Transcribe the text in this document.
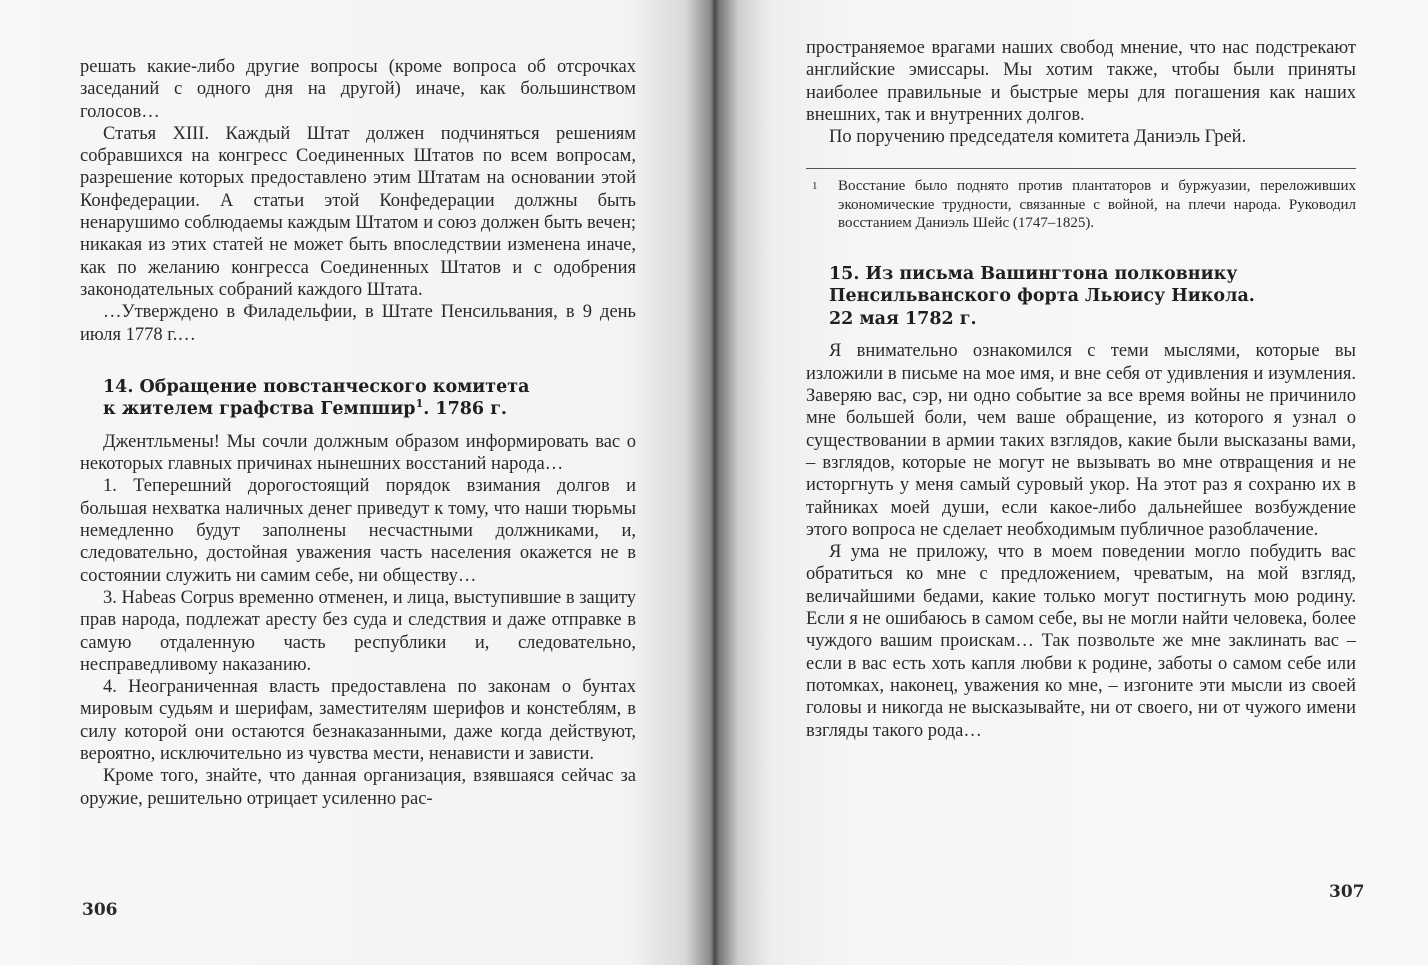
решать какие-либо другие вопросы (кроме вопроса об отсрочках заседаний с одного дня на другой) иначе, как большинством голосов…

Статья XIII. Каждый Штат должен подчиняться решениям собравшихся на конгресс Соединенных Штатов по всем вопросам, разрешение которых предоставлено этим Штатам на основании этой Конфедерации. А статьи этой Конфедерации должны быть ненарушимо соблюдаемы каждым Штатом и союз должен быть вечен; никакая из этих статей не может быть впоследствии изменена иначе, как по желанию конгресса Соединенных Штатов и с одобрения законодательных собраний каждого Штата.

…Утверждено в Филадельфии, в Штате Пенсильвания, в 9 день июля 1778 г.…

14. Обращение повстанческого комитета
к жителем графства Гемпшир$^1$. 1786 г.

Джентльмены! Мы сочли должным образом информировать вас о некоторых главных причинах нынешних восстаний народа…

1. Теперешний дорогостоящий порядок взимания долгов и большая нехватка наличных денег приведут к тому, что наши тюрьмы немедленно будут заполнены несчастными должниками, и, следовательно, достойная уважения часть населения окажется не в состоянии служить ни самим себе, ни обществу…

3. Habeas Corpus временно отменен, и лица, выступившие в защиту прав народа, подлежат аресту без суда и следствия и даже отправке в самую отдаленную часть республики и, следовательно, несправедливому наказанию.

4. Неограниченная власть предоставлена по законам о бунтах мировым судьям и шерифам, заместителям шерифов и констеблям, в силу которой они остаются безнаказанными, даже когда действуют, вероятно, исключительно из чувства мести, ненависти и зависти.

Кроме того, знайте, что данная организация, взявшаяся сейчас за оружие, решительно отрицает усиленно рас-

306

пространяемое врагами наших свобод мнение, что нас подстрекают английские эмиссары. Мы хотим также, чтобы были приняты наиболее правильные и быстрые меры для погашения как наших внешних, так и внутренних долгов.

По поручению председателя комитета Даниэль Грей.

1	Восстание было поднято против плантаторов и буржуазии, переложивших экономические трудности, связанные с войной, на плечи народа. Руководил восстанием Даниэль Шейс (1747–1825).
15. Из письма Вашингтона полковнику
Пенсильванского форта Льюису Никола.
22 мая 1782 г.

Я внимательно ознакомился с теми мыслями, которые вы изложили в письме на мое имя, и вне себя от удивления и изумления. Заверяю вас, сэр, ни одно событие за все время войны не причинило мне большей боли, чем ваше обращение, из которого я узнал о существовании в армии таких взглядов, какие были высказаны вами, – взглядов, которые не могут не вызывать во мне отвращения и не исторгнуть у меня самый суровый укор. На этот раз я сохраню их в тайниках моей души, если какое-либо дальнейшее возбуждение этого вопроса не сделает необходимым публичное разоблачение.

Я ума не приложу, что в моем поведении могло побудить вас обратиться ко мне с предложением, чреватым, на мой взгляд, величайшими бедами, какие только могут постигнуть мою родину. Если я не ошибаюсь в самом себе, вы не могли найти человека, более чуждого вашим проискам… Так позвольте же мне заклинать вас – если в вас есть хоть капля любви к родине, заботы о самом себе или потомках, наконец, уважения ко мне, – изгоните эти мысли из своей головы и никогда не высказывайте, ни от своего, ни от чужого имени взгляды такого рода…

307
